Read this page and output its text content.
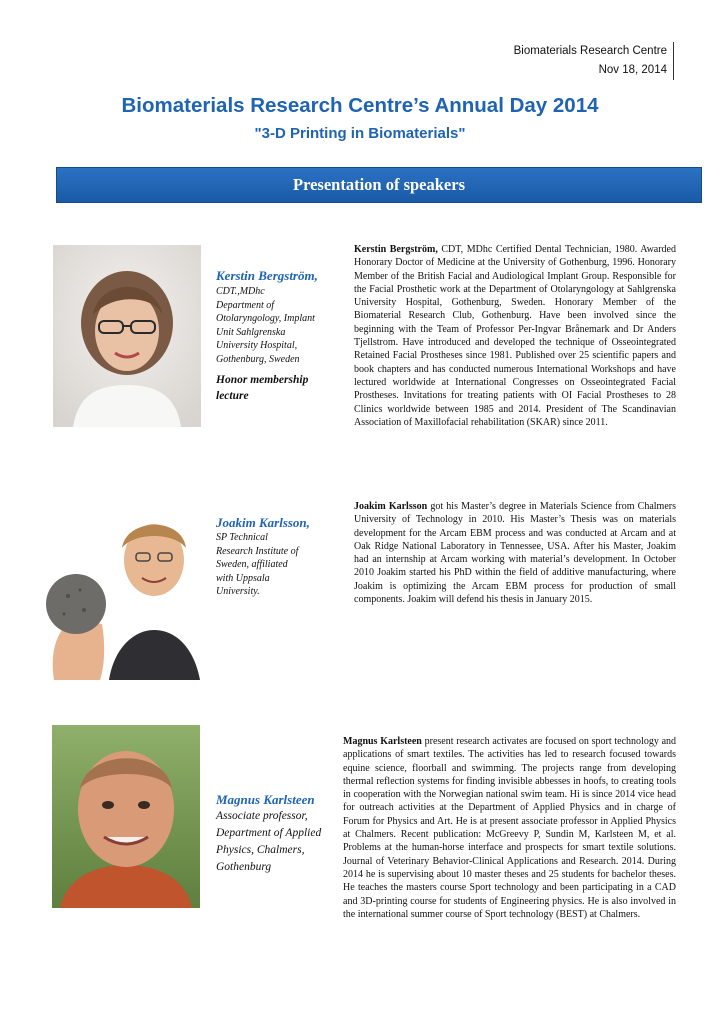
Biomaterials Research Centre
Nov 18, 2014
Biomaterials Research Centre’s Annual Day 2014
"3-D Printing in Biomaterials"
Presentation of speakers
Kerstin Bergström,
CDT.,MDhc
Department of
Otolaryngology, Implant
Unit Sahlgrenska
University Hospital,
Gothenburg, Sweden
Honor membership
lecture
Kerstin Bergström, CDT, MDhc Certified Dental Technician, 1980. Awarded Honorary Doctor of Medicine at the University of Gothenburg, 1996. Honorary Member of the British Facial and Audiological Implant Group. Responsible for the Facial Prosthetic work at the Department of Otolaryngology at Sahlgrenska University Hospital, Gothenburg, Sweden. Honorary Member of the Biomaterial Research Club, Gothenburg. Have been involved since the beginning with the Team of Professor Per-Ingvar Brånemark and Dr Anders Tjellstrom. Have introduced and developed the technique of Osseointegrated Retained Facial Prostheses since 1981. Published over 25 scientific papers and book chapters and has conducted numerous International Workshops and have lectured worldwide at International Congresses on Osseointegrated Facial Prostheses. Invitations for treating patients with OI Facial Prostheses to 28 Clinics worldwide between 1985 and 2014. President of The Scandinavian Association of Maxillofacial rehabilitation (SKAR) since 2011.
Joakim Karlsson,
SP Technical
Research Institute of
Sweden, affiliated
with Uppsala
University.
Joakim Karlsson got his Master’s degree in Materials Science from Chalmers University of Technology in 2010. His Master’s Thesis was on materials development for the Arcam EBM process and was conducted at Arcam and at Oak Ridge National Laboratory in Tennessee, USA. After his Master, Joakim had an internship at Arcam working with material’s development. In October 2010 Joakim started his PhD within the field of additive manufacturing, where Joakim is optimizing the Arcam EBM process for production of small components. Joakim will defend his thesis in January 2015.
Magnus Karlsteen
Associate professor,
Department of Applied
Physics, Chalmers,
Gothenburg
Magnus Karlsteen present research activates are focused on sport technology and applications of smart textiles. The activities has led to research focused towards equine science, floorball and swimming. The projects range from developing thermal reflection systems for finding invisible abbesses in hoofs, to creating tools in cooperation with the Norwegian national swim team. Hi is since 2014 vice head for outreach activities at the Department of Applied Physics and in charge of Forum for Physics and Art. He is at present associate professor in Applied Physics at Chalmers. Recent publication: McGreevy P, Sundin M, Karlsteen M, et al. Problems at the human-horse interface and prospects for smart textile solutions. Journal of Veterinary Behavior-Clinical Applications and Research. 2014. During 2014 he is supervising about 10 master theses and 25 students for bachelor theses. He teaches the masters course Sport technology and been participating in a CAD and 3D-printing course for students of Engineering physics. He is also involved in the international summer course of Sport technology (BEST) at Chalmers.
